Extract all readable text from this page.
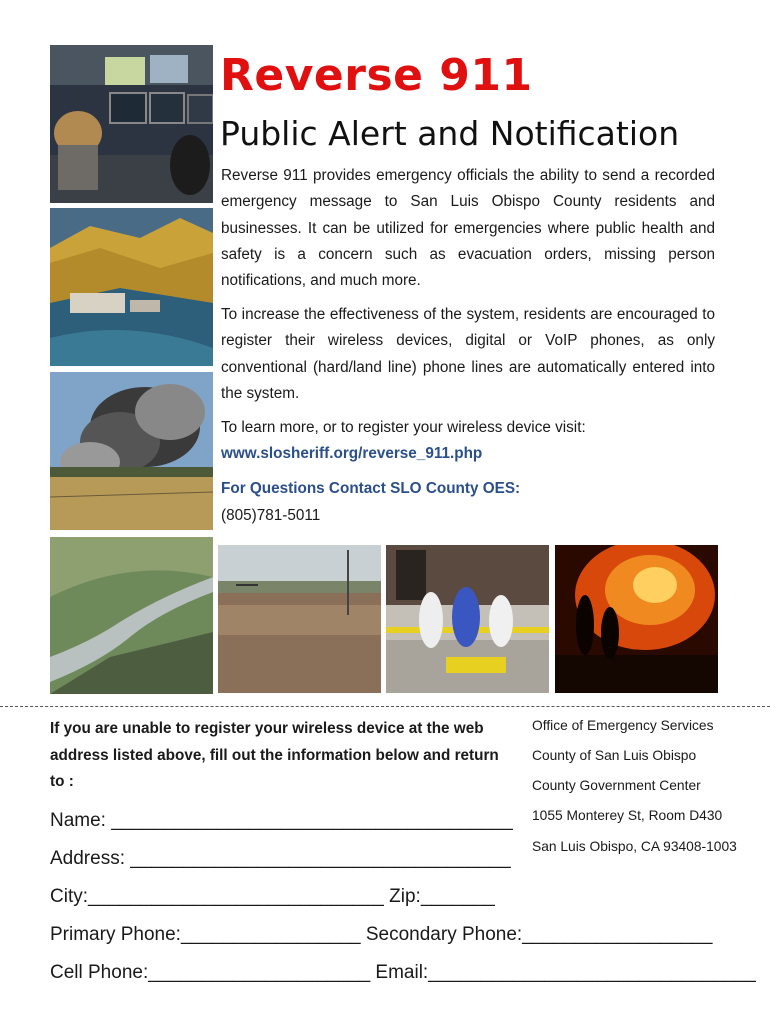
Reverse 911
Public Alert and Notification

Reverse 911 provides emergency officials the ability to send a recorded emergency message to San Luis Obispo County residents and businesses. It can be utilized for emergencies where public health and safety is a concern such as evacuation orders, missing person notifications, and much more.

To increase the effectiveness of the system, residents are encouraged to register their wireless devices, digital or VoIP phones, as only conventional (hard/land line) phone lines are automatically entered into the system.

To learn more, or to register your wireless device visit:

www.slosheriff.org/reverse_911.php

For Questions Contact SLO County OES:

(805)781-5011

If you are unable to register your wireless device at the web address listed above, fill out the information below and return to :

Office of Emergency Services
County of San Luis Obispo
County Government Center
1055 Monterey St, Room D430
San Luis Obispo, CA 93408-1003
Name: ______________________________________
Address: ____________________________________
City:____________________________ Zip:_______
Primary Phone:_________________ Secondary Phone:__________________
Cell Phone:_____________________ Email:_______________________________
